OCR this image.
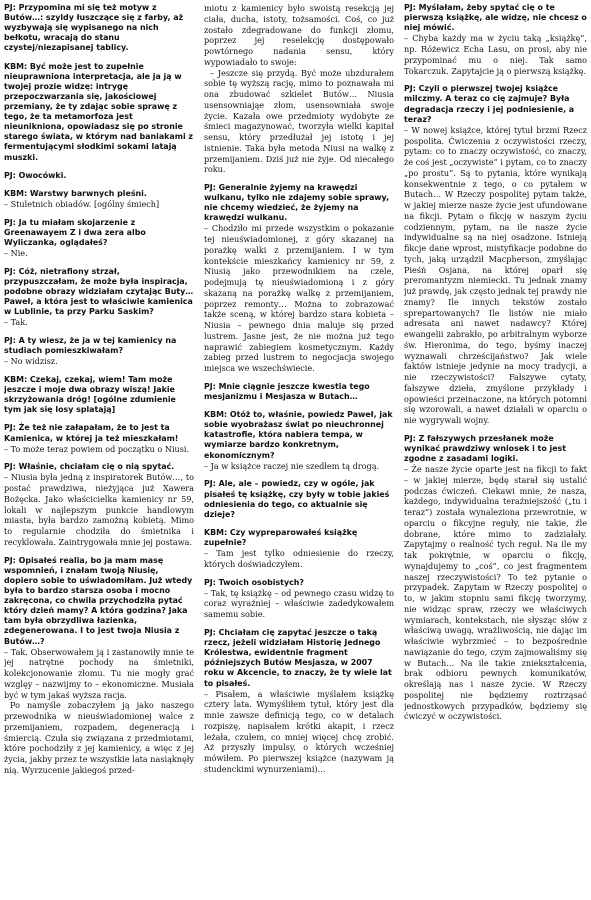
PJ: Przypomina mi się też motyw z Butów…: szyldy łuszczące się z farby, aż wyzbywają się wypisanego na nich bełkotu, wracają do stanu czystej/niezapisanej tablicy.

KBM: Być może jest to zupełnie nieuprawniona interpretacja, ale ja ją w twojej prozie widzę: intrygę przepoczwarzania się, jakościowej przemiany, że ty zdając sobie sprawę z tego, że ta metamorfoza jest nieunikniona, opowiadasz się po stronie starego świata, w którym nad baniakami z fermentującymi słodkimi sokami latają muszki.

PJ: Owocówki.

KBM: Warstwy barwnych pleśni.

– Stuletnich obiadów. [ogólny śmiech]

PJ: Ja tu miałam skojarzenie z Greenawayem Z i dwa zera albo Wyliczanka, oglądałeś?

– Nie.

PJ: Cóż, nietrafiony strzał, przypuszczałam, że może była inspiracja, podobne obrazy widziałam czytając Buty… Paweł, a która jest to właściwie kamienica w Lublinie, ta przy Parku Saskim?

– Tak.

PJ: A ty wiesz, że ja w tej kamienicy na studiach pomieszkiwałam?

– No widzisz.

KBM: Czekaj, czekaj, wiem! Tam może jeszcze i moje dwa obrazy wiszą! Jakie skrzyżowania dróg! [ogólne zdumienie tym jak się losy splatają]

PJ: Że też nie załapałam, że to jest ta Kamienica, w której ja też mieszkałam!

– To może teraz powiem od początku o Niusi.

PJ: Właśnie, chciałam cię o nią spytać.

– Niusia była jedną z inspiratorek Butów…, to postać prawdziwa, nieżyjąca już Xawera Bożęcka. Jako właścicielka kamienicy nr 59, lokali w najlepszym punkcie handlowym miasta, była bardzo zamożną kobietą. Mimo to regularnie chodziła do śmietnika i recyklowała. Zaintrygowała mnie jej postawa.

PJ: Opisałeś realia, bo ja mam masę wspomnień, i znałam twoją Niusię, dopiero sobie to uświadomiłam. Już wtedy była to bardzo starsza osoba i mocno zakręcona, co chwila przychodziła pytać który dzień mamy? A która godzina? Jaka tam była obrzydliwa łazienka, zdegenerowana. I to jest twoja Niusia z Butów…?

– Tak. Obserwowałem ją i zastanowiły mnie te jej natrętne pochody na śmietniki, kolekcjonowanie złomu. Tu nie mogły grać wzglęy – nazwijmy to – ekonomiczne. Musiała być w tym jakaś wyższa racja.

Po namyśle zobaczyłem ją jako naszego przewodnika w nieuświadomionej walce z przemijaniem, rozpadem, degeneracją i śmiercią. Czuła się związana z przedmiotami, które pochodziły z jej kamienicy, a więc z jej życia, jakby przez te wszystkie lata nasiąknęły nią. Wyrzucenie jakiegoś przed-

miotu z kamienicy było swoistą resekcją jej ciała, ducha, istoty, tożsamości. Coś, co już zostało zdegradowane do funkcji złomu, poprzez jej reselekcję dostępowało powtórnego nadania sensu, który wypowiadało to swoje:

– Jeszcze się przydą. Być może ubzdurałem sobie tę wyższą rację, mimo to poznawała mi ona zbudować szkielet Butów… Niusia usensowniająe złom, usensowniała swoje życie. Kazała owe przedmioty wydobyte ze śmieci magazynować, tworzyła wielki kapitał sensu, który przedłużał jej istotę i jej istnienie. Taka była metoda Niusi na walkę z przemijaniem. Dziś już nie żyje. Od niecałego roku.

PJ: Generalnie żyjemy na krawędzi wulkanu, tylko nie zdajemy sobie sprawy, nie chcemy wiedzieć, że żyjemy na krawędzi wulkanu.

– Chodziło mi przede wszystkim o pokazanie tej nieuświadomionej, z góry skazanej na porażkę walki z przemijaniem. I w tym kontekście mieszkańcy kamienicy nr 59, z Niusią jako przewodnikiem na czele, podejmują tę nieuświadomioną i z góry skazaną na porażkę walkę z przemijaniem, poprzez remonty… Można to zobrazować także sceną, w której bardzo stara kobieta – Niusia – pewnego dnia maluje się przed lustrem. Jasne jest, że nie można już tego naprawić zabiegiem kosmetycznym. Każdy zabieg przed lustrem to negocjacja swojego miejsca we wszechświecie.

PJ: Mnie ciągnie jeszcze kwestia tego mesjanizmu i Mesjasza w Butach…

KBM: Otóż to, właśnie, powiedz Paweł, jak sobie wyobrażasz świat po nieuchronnej katastrofie, która nabiera tempa, w wymiarze bardzo konkretnym, ekonomicznym?

– Ja w książce raczej nie szedłem tą drogą.

PJ: Ale, ale – powiedz, czy w ogóle, jak pisałeś tę książkę, czy były w tobie jakieś odniesienia do tego, co aktualnie się dzieje?

KBM: Czy wypreparowałeś książkę zupełnie?

– Tam jest tylko odniesienie do rzeczy, których doświadczyłem.

PJ: Twoich osobistych?

– Tak, tę książkę – od pewnego czasu widzę to coraz wyraźniej – właściwie zadedykowałem samemu sobie.

PJ: Chciałam cię zapytać jeszcze o taką rzecz, jeżeli widziałam Historię Jednego Królestwa, ewidentnie fragment późniejszych Butów Mesjasza, w 2007 roku w Akcencie, to znaczy, że ty wiele lat to pisałeś.

– Pisałem, a właściwie myślałem książkę cztery lata. Wymyśliłem tytuł, który jest dla mnie zawsze definicją tego, co w detalach rozpiszę, napisałem krótki akapit, i rzecz leżała, czułem, co mniej więcej chcę zrobić. Aż przyszły impulsy, o których wcześniej mówiłem. Po pierwszej książce (nazywam ją studenckimi wynurzeniami)…

PJ: Myślałam, żeby spytać cię o te pierwszą książkę, ale widzę, nie chcesz o niej mówić.

– Chyba każdy ma w życiu taką „książkę”, np. Różewicz Echa Lasu, on prosi, aby nie przypominać mu o niej. Tak samo Tokarczuk. Zapytajcie ją o pierwszą książkę.

PJ: Czyli o pierwszej twojej książce milczmy. A teraz co cię zajmuje? Była degradacja rzeczy i jej podniesienie, a teraz?

– W nowej książce, której tytuł brzmi Rzecz pospolita. Ćwiczenia z oczywistości rzeczy, pytam: co to znaczy oczywistość, co znaczy, że coś jest „oczywiste” i pytam, co to znaczy „po prostu”. Są to pytania, które wynikają konsekwentnie z tego, o co pytałem w Butach… W Rzeczy pospolitej pytam także, w jakiej mierze nasze życie jest ufundowane na fikcji. Pytam o fikcję w naszym życiu codziennym, pytam, na ile nasze życie indywidualne są na niej osadzone. Istnieją fikcje dane wprost, mistyfikacje podobne do tych, jaką urządził Macpherson, zmyślając Pieśń Osjana, na której oparł się preromantyzm niemiecki. Tu jednak znamy już prawdę, jak często jednak tej prawdy nie znamy? Ile innych tekstów zostało sprepartowanych? Ile listów nie miało adresata ani nawet nadawcy? Której ewangelii zabrakło, po arbitralnym wyborze św. Hieronima, do tego, byśmy inaczej wyznawali chrześcijaństwo? Jak wiele faktów istnieje jedynie na mocy tradycji, a nie rzeczywistości? Fałszywe cytaty, fałszywe dzieła, zmyślone przykłady i opowieści przeinaczone, na których potomni się wzorowali, a nawet działali w oparciu o nie wygrywali wojny.

PJ: Z fałszywych przesłanek może wynikać prawdziwy wniosek i to jest zgodne z zasadami logiki.

– Że nasze życie oparte jest na fikcji to fakt – w jakiej mierze, będę starał się ustalić podczas ćwiczeń. Ciekawi mnie, że nasza, każdego, indywidualna teraźniejszość („tu i teraz”) została wynaleziona przewrotnie, w oparciu o fikcyjne reguły, nie takie, źle dobrane, które mimo to zadziałały. Zapytajmy o realność tych reguł. Na ile my tak pokrętnie, w oparciu o fikcję, wynajdujemy to „coś”, co jest fragmentem naszej rzeczywistości? To też pytanie o przypadek. Zapytam w Rzeczy pospolitej o to, w jakim stopniu sami fikcję tworzymy, nie widząc spraw, rzeczy we właściwych wymiarach, kontekstach, nie słysząc słów z właściwą uwagą, wrażliwością, nie dając im właściwie wybrzmieć – to bezpośrednie nawiązanie do tego, czym zajmowaliśmy się w Butach… Na ile takie zniekształcenia, brak odbioru pewnych komunikatów, określają nas i nasze życie. W Rzeczy pospolitej nie będziemy roztrząsać jednostkowych przypadków, będziemy się ćwiczyć w oczywistości.
